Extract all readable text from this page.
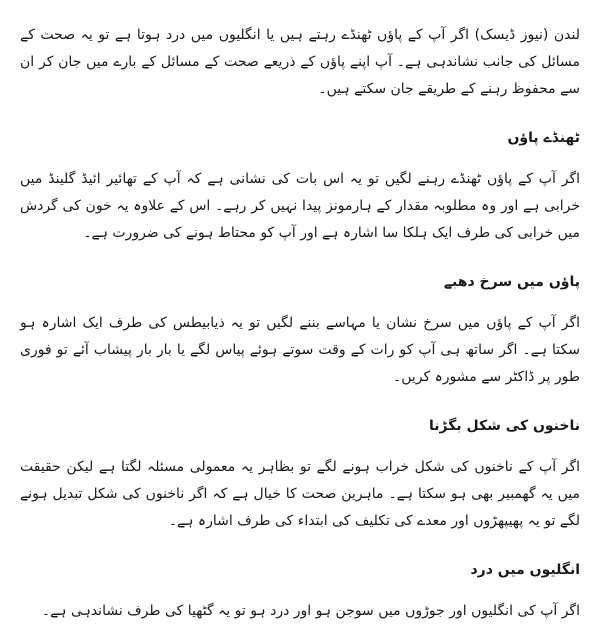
لندن (نیوز ڈیسک) اگر آپ کے پاؤں ٹھنڈے رہتے ہیں یا انگلیوں میں درد ہوتا ہے تو یہ صحت کے مسائل کی جانب نشاندہی ہے۔ آپ اپنے پاؤں کے ذریعے صحت کے مسائل کے بارے میں جان کر ان سے محفوظ رہنے کے طریقے جان سکتے ہیں۔

ٹھنڈے پاؤں

اگر آپ کے پاؤں ٹھنڈے رہنے لگیں تو یہ اس بات کی نشانی ہے کہ آپ کے تھائیر ائیڈ گلینڈ میں خرابی ہے اور وہ مطلوبہ مقدار کے ہارمونز پیدا نہیں کر رہے۔ اس کے علاوہ یہ خون کی گردش میں خرابی کی طرف ایک ہلکا سا اشارہ ہے اور آپ کو محتاط ہونے کی ضرورت ہے۔

پاؤں میں سرخ دھبے

اگر آپ کے پاؤں میں سرخ نشان یا مہاسے بننے لگیں تو یہ ذیابیطس کی طرف ایک اشارہ ہو سکتا ہے۔ اگر ساتھ ہی آپ کو رات کے وقت سوتے ہوئے پیاس لگے یا بار بار پیشاب آئے تو فوری طور پر ڈاکٹر سے مشورہ کریں۔

ناخنوں کی شکل بگڑنا

اگر آپ کے ناخنوں کی شکل خراب ہونے لگے تو بظاہر یہ معمولی مسئلہ لگتا ہے لیکن حقیقت میں یہ گھمبیر بھی ہو سکتا ہے۔ ماہرین صحت کا خیال ہے کہ اگر ناخنوں کی شکل تبدیل ہونے لگے تو یہ پھیپھڑوں اور معدے کی تکلیف کی ابتداء کی طرف اشارہ ہے۔

انگلیوں میں درد

اگر آپ کی انگلیوں اور جوڑوں میں سوجن ہو اور درد ہو تو یہ گٹھیا کی طرف نشاندہی ہے۔
